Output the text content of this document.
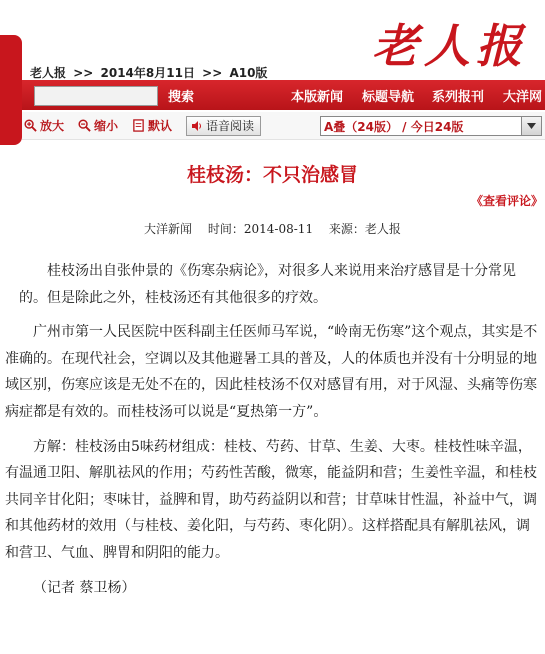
老人报
老人报 >> 2014年8月11日 >> A10版
搜索	本版新闻 标题导航 系列报刊 大洋网
放大	缩小	默认	语音阅读	A叠（24版） / 今日24版
桂枝汤：不只治感冒
《查看评论》
大洋新闻 时间：2014-08-11 来源：老人报

桂枝汤出自张仲景的《伤寒杂病论》，对很多人来说用来治疗感冒是十分常见的。但是除此之外，桂枝汤还有其他很多的疗效。

广州市第一人民医院中医科副主任医师马军说，“岭南无伤寒”这个观点，其实是不准确的。在现代社会，空调以及其他避暑工具的普及，人的体质也并没有十分明显的地域区别，伤寒应该是无处不在的，因此桂枝汤不仅对感冒有用，对于风湿、头痛等伤寒病症都是有效的。而桂枝汤可以说是“夏热第一方”。

方解：桂枝汤由5味药材组成：桂枝、芍药、甘草、生姜、大枣。桂枝性味辛温，有温通卫阳、解肌祛风的作用；芍药性苦酸，微寒，能益阴和营；生姜性辛温，和桂枝共同辛甘化阳；枣味甘，益脾和胃，助芍药益阴以和营；甘草味甘性温，补益中气，调和其他药材的效用（与桂枝、姜化阳，与芍药、枣化阴）。这样搭配具有解肌祛风，调和营卫、气血、脾胃和阴阳的能力。

（记者 蔡卫杨）
